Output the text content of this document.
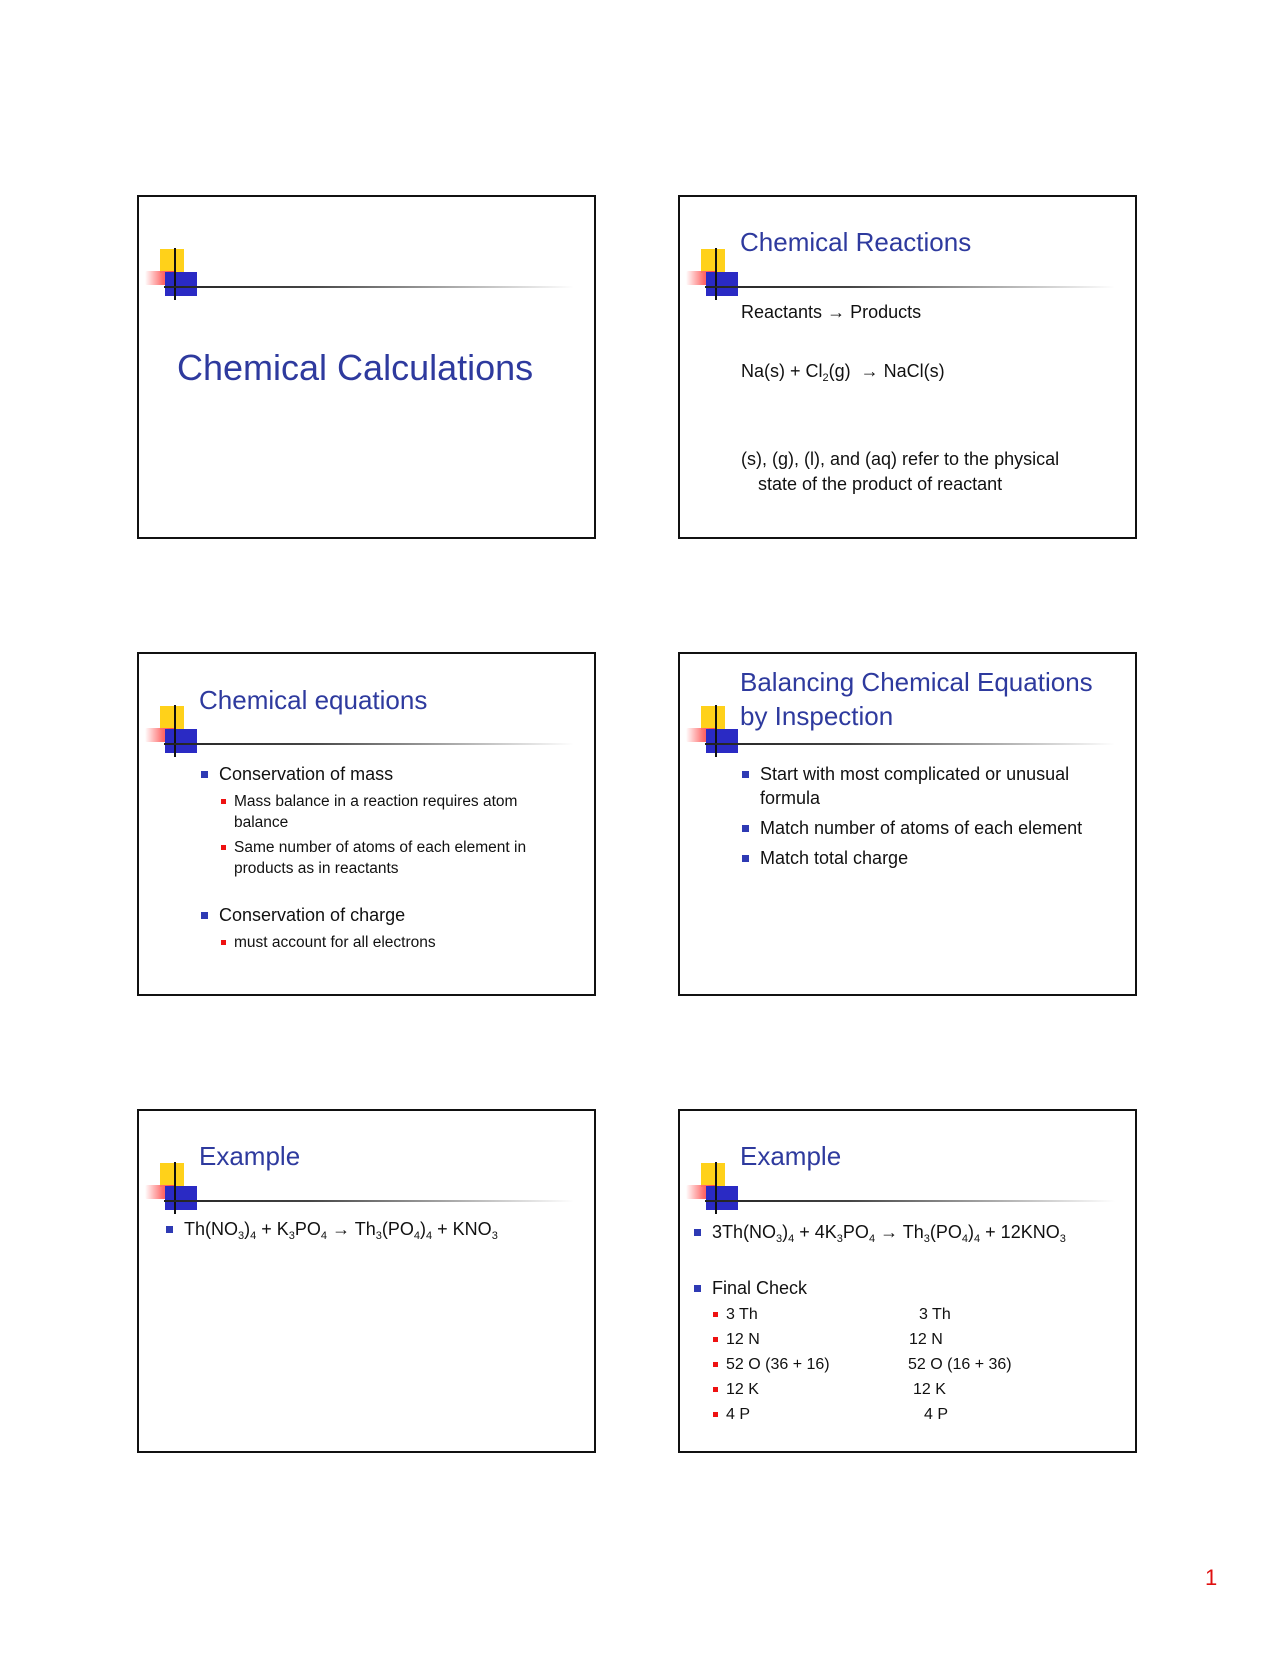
Chemical Calculations
Chemical Reactions
Reactants → Products
$Na(s) + Cl_2(g)$ → NaCl(s)
(s), (g), (l), and (aq) refer to the physical
state of the product of reactant
Chemical equations
Conservation of mass
Mass balance in a reaction requires atom balance
Same number of atoms of each element in products as in reactants
Conservation of charge
must account for all electrons
Balancing Chemical Equations
by Inspection
Start with most complicated or unusual formula
Match number of atoms of each element
Match total charge
Example
$Th(NO_3)_4 + K_3PO_4 \to Th_3(PO_4)_4 + KNO_3$
Example
$3Th(NO_3)_4 + 4K_3PO_4 \to Th_3(PO_4)_4 + 12KNO_3$
Final Check
3 Th	3 Th
12 N	12 N
52 O (36 + 16)	52 O (16 + 36)
12 K	12 K
4 P	4 P
1
